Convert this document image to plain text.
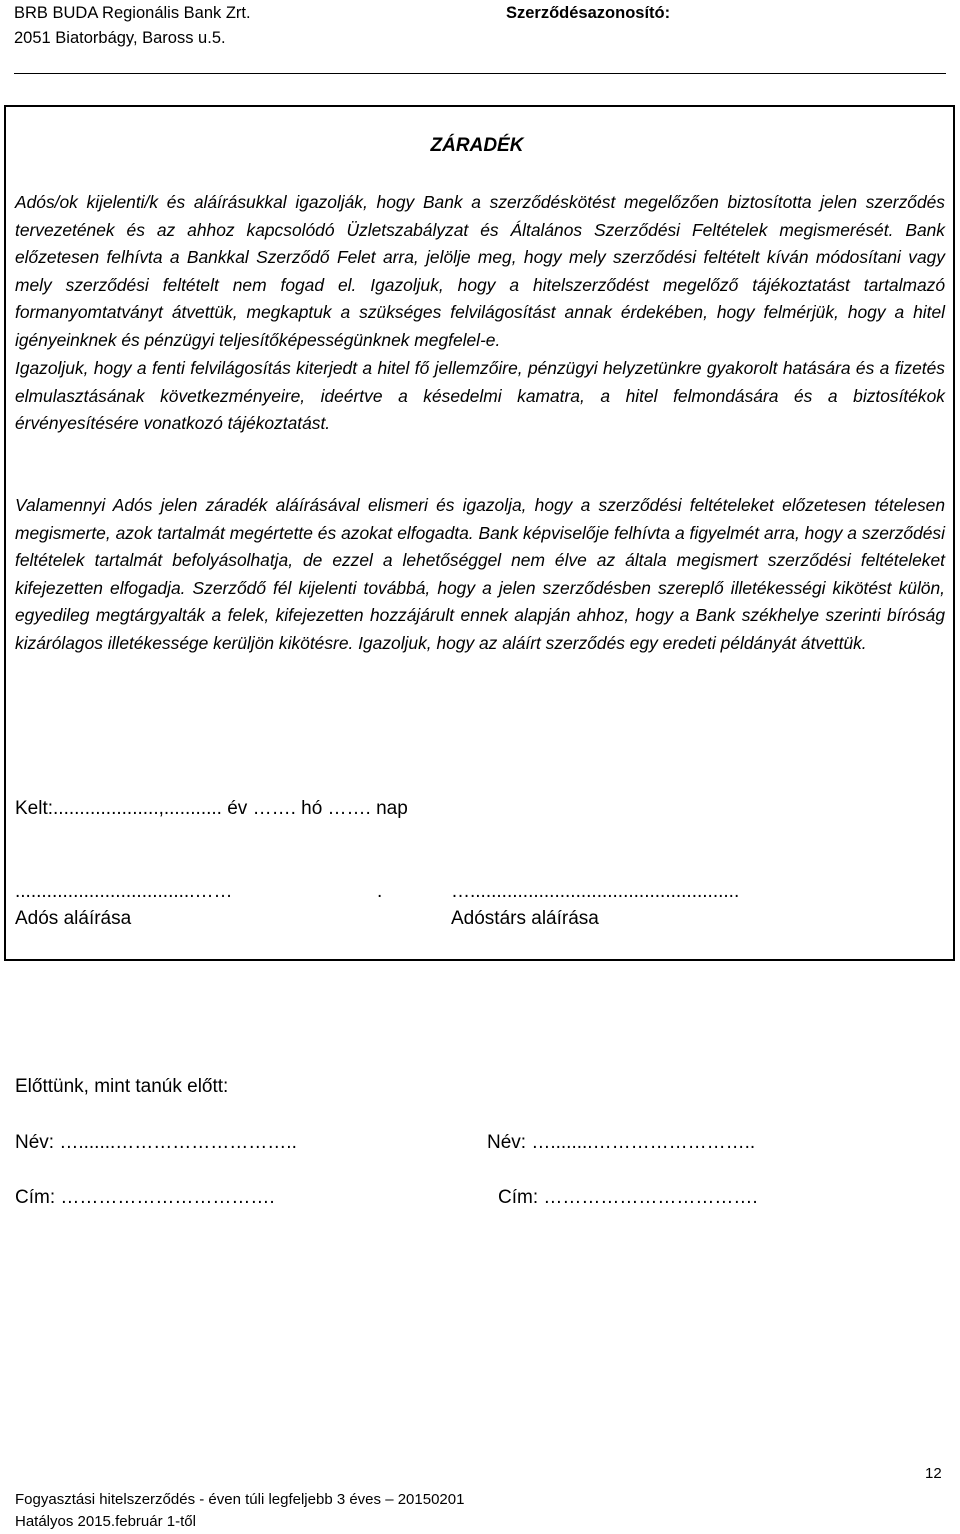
BRB BUDA Regionális Bank Zrt.
2051 Biatorbágy, Baross u.5.
Szerződésazonosító:
ZÁRADÉK
Adós/ok kijelenti/k és aláírásukkal igazolják, hogy Bank a szerződéskötést megelőzően biztosította jelen szerződés tervezetének és az ahhoz kapcsolódó Üzletszabályzat és Általános Szerződési Feltételek megismerését. Bank előzetesen felhívta a Bankkal Szerződő Felet arra, jelölje meg, hogy mely szerződési feltételt kíván módosítani vagy mely szerződési feltételt nem fogad el. Igazoljuk, hogy a hitelszerződést megelőző tájékoztatást tartalmazó formanyomtatványt átvettük, megkaptuk a szükséges felvilágosítást annak érdekében, hogy felmérjük, hogy a hitel igényeinknek és pénzügyi teljesítőképességünknek megfelel-e.
Igazoljuk, hogy a fenti felvilágosítás kiterjedt a hitel fő jellemzőire, pénzügyi helyzetünkre gyakorolt hatására és a fizetés elmulasztásának következményeire, ideértve a késedelmi kamatra, a hitel felmondására és a biztosítékok érvényesítésére vonatkozó tájékoztatást.
Valamennyi Adós jelen záradék aláírásával elismeri és igazolja, hogy a szerződési feltételeket előzetesen tételesen megismerte, azok tartalmát megértette és azokat elfogadta. Bank képviselője felhívta a figyelmét arra, hogy a szerződési feltételek tartalmát befolyásolhatja, de ezzel a lehetőséggel nem élve az általa megismert szerződési feltételeket kifejezetten elfogadja. Szerződő fél kijelenti továbbá, hogy a jelen szerződésben szereplő illetékességi kikötést külön, egyedileg megtárgyalták a felek, kifejezetten hozzájárult ennek alapján ahhoz, hogy a Bank székhelye szerinti bíróság kizárólagos illetékessége kerüljön kikötésre. Igazoljuk, hogy az aláírt szerződés egy eredeti példányát átvettük.
Kelt:....................,........... év ……. hó ……. nap
..................................……	.	…...................................................
Adós aláírása	Adóstárs aláírása
Előttünk, mint tanúk előtt:
Név: ….......………………………..	Név: …........……………………..
Cím: …………………………….	Cím: …………………………….
12
Fogyasztási hitelszerződés - éven túli legfeljebb 3 éves – 20150201
Hatályos 2015.február 1-től
